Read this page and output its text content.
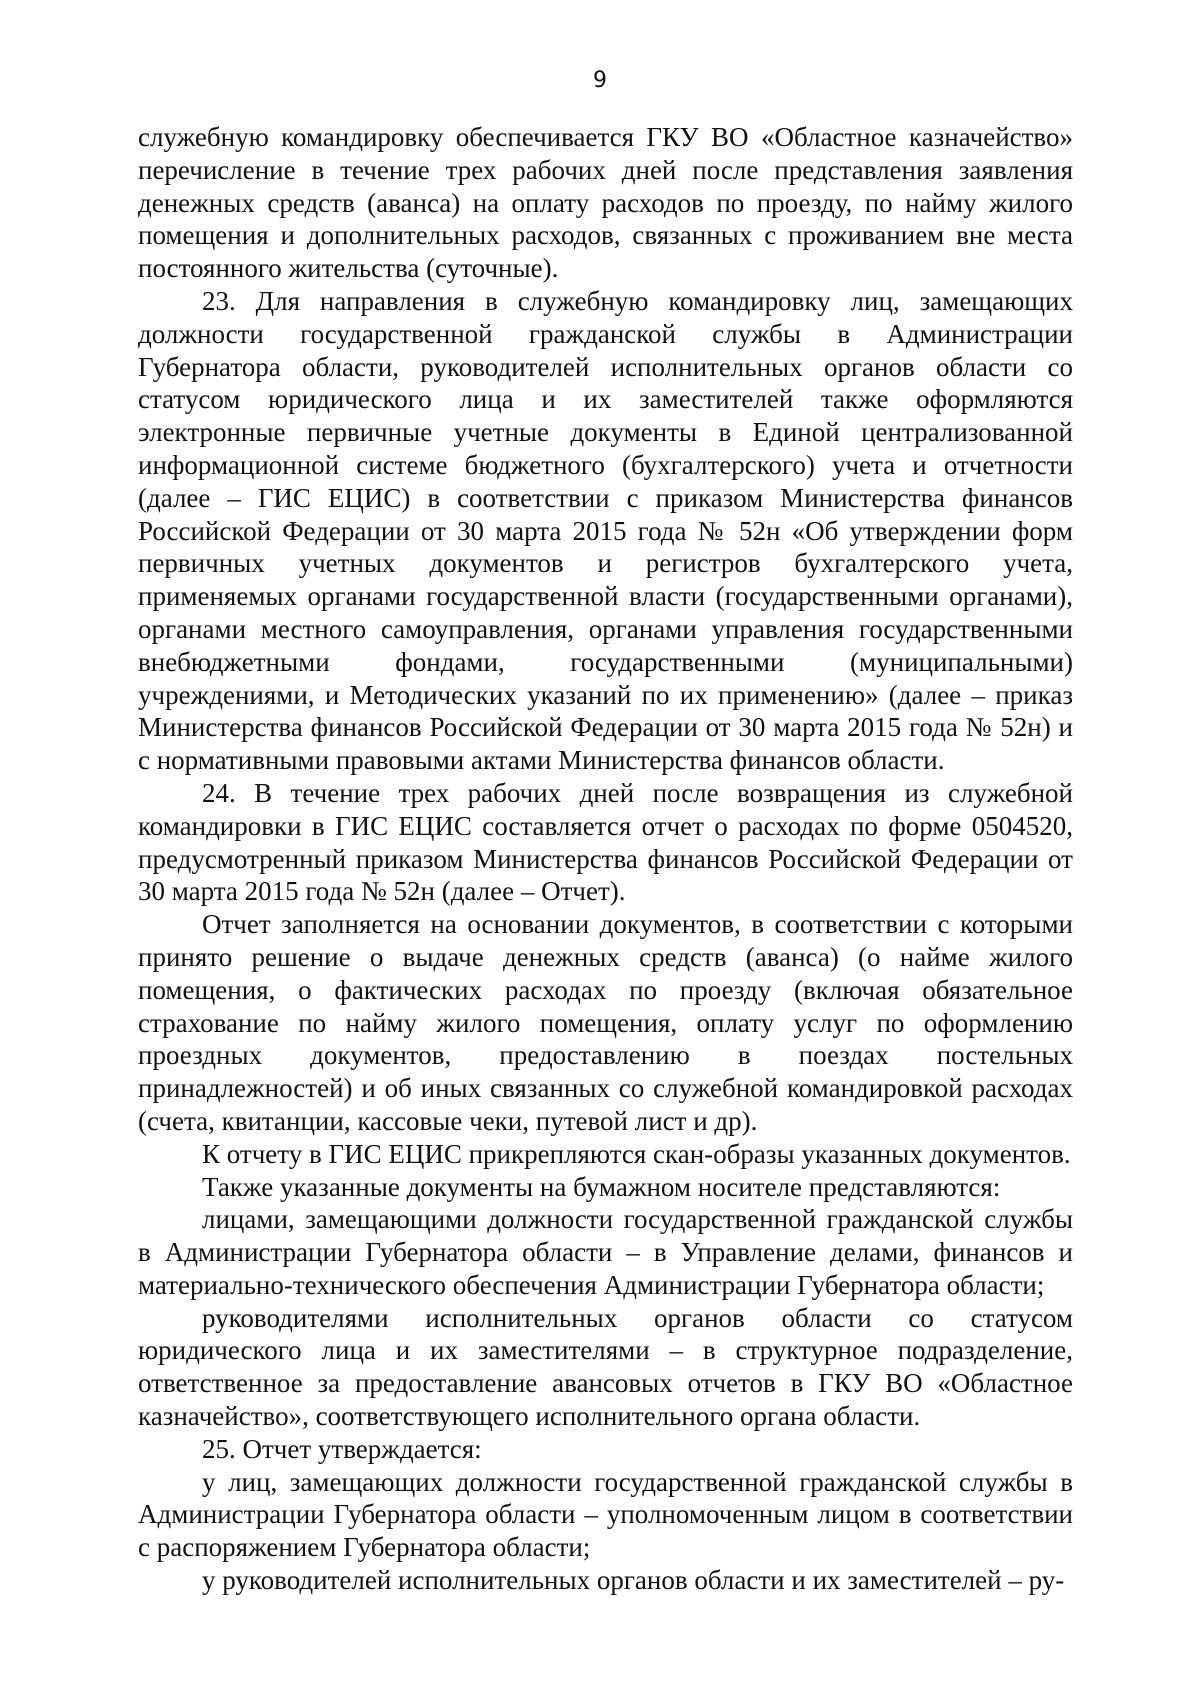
9

служебную командировку обеспечивается ГКУ ВО «Областное казначейство» перечисление в течение трех рабочих дней после представления заявления денежных средств (аванса) на оплату расходов по проезду, по найму жилого помещения и дополнительных расходов, связанных с проживанием вне места постоянного жительства (суточные).

23. Для направления в служебную командировку лиц, замещающих должности государственной гражданской службы в Администрации Губернатора области, руководителей исполнительных органов области со статусом юридического лица и их заместителей также оформляются электронные первичные учетные документы в Единой централизованной информационной системе бюджетного (бухгалтерского) учета и отчетности (далее – ГИС ЕЦИС) в соответствии с приказом Министерства финансов Российской Федерации от 30 марта 2015 года № 52н «Об утверждении форм первичных учетных документов и регистров бухгалтерского учета, применяемых органами государственной власти (государственными органами), органами местного самоуправления, органами управления государственными внебюджетными фондами, государственными (муниципальными) учреждениями, и Методических указаний по их применению» (далее – приказ Министерства финансов Российской Федерации от 30 марта 2015 года № 52н) и с нормативными правовыми актами Министерства финансов области.

24. В течение трех рабочих дней после возвращения из служебной командировки в ГИС ЕЦИС составляется отчет о расходах по форме 0504520, предусмотренный приказом Министерства финансов Российской Федерации от 30 марта 2015 года № 52н (далее – Отчет).

Отчет заполняется на основании документов, в соответствии с которыми принято решение о выдаче денежных средств (аванса) (о найме жилого помещения, о фактических расходах по проезду (включая обязательное страхование по найму жилого помещения, оплату услуг по оформлению проездных документов, предоставлению в поездах постельных принадлежностей) и об иных связанных со служебной командировкой расходах (счета, квитанции, кассовые чеки, путевой лист и др).

К отчету в ГИС ЕЦИС прикрепляются скан-образы указанных документов.

Также указанные документы на бумажном носителе представляются:

лицами, замещающими должности государственной гражданской службы в Администрации Губернатора области – в Управление делами, финансов и материально-технического обеспечения Администрации Губернатора области;

руководителями исполнительных органов области со статусом юридического лица и их заместителями – в структурное подразделение, ответственное за предоставление авансовых отчетов в ГКУ ВО «Областное казначейство», соответствующего исполнительного органа области.

25. Отчет утверждается:

у лиц, замещающих должности государственной гражданской службы в Администрации Губернатора области – уполномоченным лицом в соответствии с распоряжением Губернатора области;

у руководителей исполнительных органов области и их заместителей – ру-
